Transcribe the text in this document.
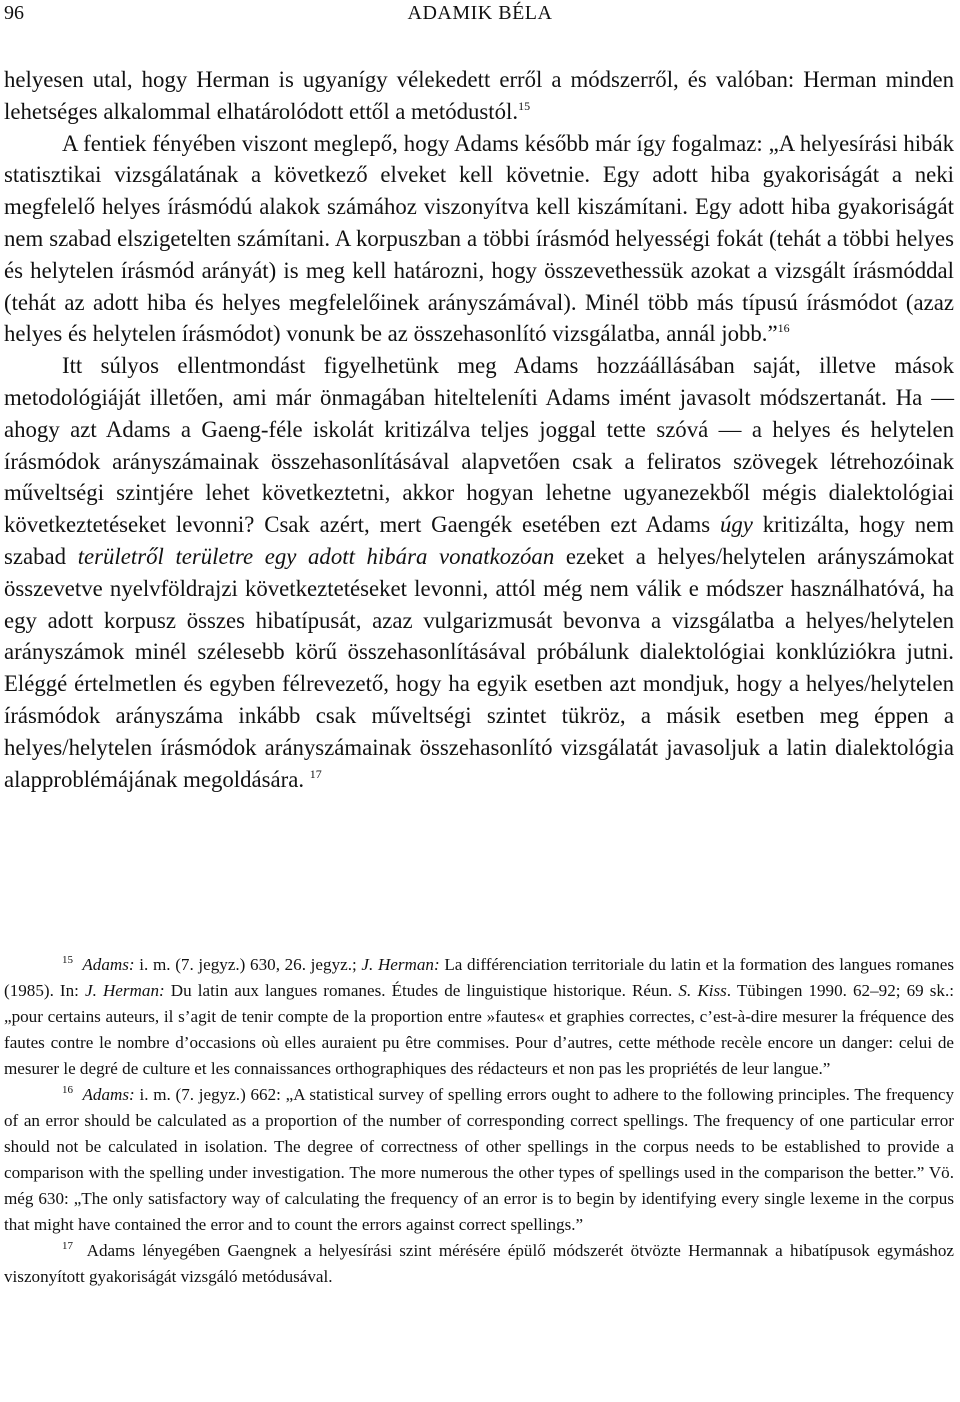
96	ADAMIK BÉLA

helyesen utal, hogy Herman is ugyanígy vélekedett erről a módszerről, és valóban: Herman minden lehetséges alkalommal elhatárolódott ettől a metódustól.$^{15}$

A fentiek fényében viszont meglepő, hogy Adams később már így fogalmaz: „A helyesírási hibák statisztikai vizsgálatának a következő elveket kell követnie. Egy adott hiba gyakoriságát a neki megfelelő helyes írásmódú alakok számához viszonyítva kell kiszámítani. Egy adott hiba gyakoriságát nem szabad elszigetelten számítani. A korpuszban a többi írásmód helyességi fokát (tehát a többi helyes és helytelen írásmód arányát) is meg kell határozni, hogy összevethessük azokat a vizsgált írásmóddal (tehát az adott hiba és helyes megfelelőinek arányszámával). Minél több más típusú írásmódot (azaz helyes és helytelen írásmódot) vonunk be az összehasonlító vizsgálatba, annál jobb.”$^{16}$

Itt súlyos ellentmondást figyelhetünk meg Adams hozzáállásában saját, illetve mások metodológiáját illetően, ami már önmagában hitelteleníti Adams imént javasolt módszertanát. Ha — ahogy azt Adams a Gaeng-féle iskolát kritizálva teljes joggal tette szóvá — a helyes és helytelen írásmódok arányszámainak összehasonlításával alapvetően csak a feliratos szövegek létrehozóinak műveltségi szintjére lehet következtetni, akkor hogyan lehetne ugyanezekből mégis dialektológiai következtetéseket levonni? Csak azért, mert Gaengék esetében ezt Adams úgy kritizálta, hogy nem szabad területről területre egy adott hibára vonatkozóan ezeket a helyes/helytelen arányszámokat összevetve nyelvföldrajzi következtetéseket levonni, attól még nem válik e módszer használhatóvá, ha egy adott korpusz összes hibatípusát, azaz vulgarizmusát bevonva a vizsgálatba a helyes/helytelen arányszámok minél szélesebb körű összehasonlításával próbálunk dialektológiai konklúziókra jutni. Eléggé értelmetlen és egyben félrevezető, hogy ha egyik esetben azt mondjuk, hogy a helyes/helytelen írásmódok arányszáma inkább csak műveltségi szintet tükröz, a másik esetben meg éppen a helyes/helytelen írásmódok arányszámainak összehasonlító vizsgálatát javasoljuk a latin dialektológia alapproblémájának megoldására. $^{17}$

$^{15}$ Adams: i. m. (7. jegyz.) 630, 26. jegyz.; J. Herman: La différenciation territoriale du latin et la formation des langues romanes (1985). In: J. Herman: Du latin aux langues romanes. Études de linguistique historique. Réun. S. Kiss. Tübingen 1990. 62–92; 69 sk.: „pour certains auteurs, il s’agit de tenir compte de la proportion entre »fautes« et graphies correctes, c’est-à-dire mesurer la fréquence des fautes contre le nombre d’occasions où elles auraient pu être commises. Pour d’autres, cette méthode recèle encore un danger: celui de mesurer le degré de culture et les connaissances orthographiques des rédacteurs et non pas les propriétés de leur langue.”

$^{16}$ Adams: i. m. (7. jegyz.) 662: „A statistical survey of spelling errors ought to adhere to the following principles. The frequency of an error should be calculated as a proportion of the number of corresponding correct spellings. The frequency of one particular error should not be calculated in isolation. The degree of correctness of other spellings in the corpus needs to be established to provide a comparison with the spelling under investigation. The more numerous the other types of spellings used in the comparison the better.” Vö. még 630: „The only satisfactory way of calculating the frequency of an error is to begin by identifying every single lexeme in the corpus that might have contained the error and to count the errors against correct spellings.”

$^{17}$  Adams lényegében Gaengnek a helyesírási szint mérésére épülő módszerét ötvözte Hermannak a hibatípusok egymáshoz viszonyított gyakoriságát vizsgáló metódusával.
